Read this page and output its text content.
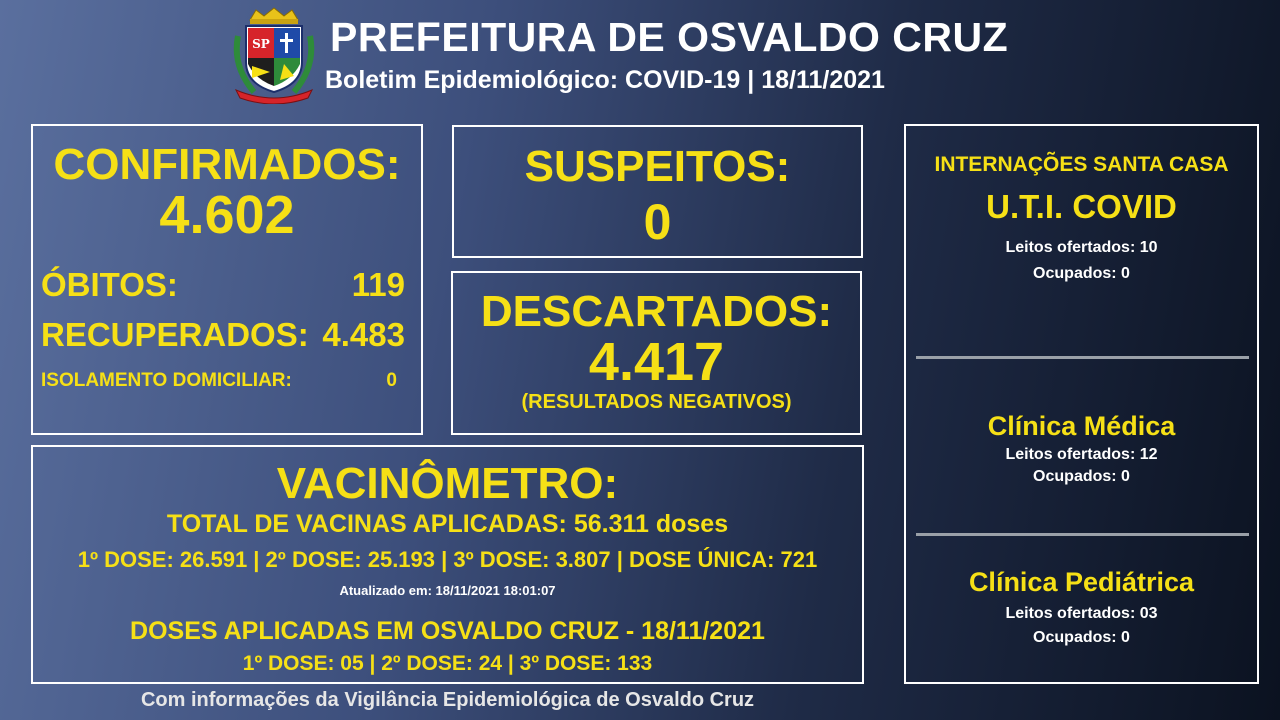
SP PREFEITURA DE OSVALDO CRUZ
Boletim Epidemiológico: COVID-19 | 18/11/2021
CONFIRMADOS:
4.602
ÓBITOS:	119
RECUPERADOS: 4.483
ISOLAMENTO DOMICILIAR:	0
SUSPEITOS:
0
DESCARTADOS:
4.417
(RESULTADOS NEGATIVOS)
VACINÔMETRO:
TOTAL DE VACINAS APLICADAS: 56.311 doses
1º DOSE: 26.591 | 2º DOSE: 25.193 | 3º DOSE: 3.807 | DOSE ÚNICA: 721
Atualizado em: 18/11/2021 18:01:07
DOSES APLICADAS EM OSVALDO CRUZ - 18/11/2021
1º DOSE: 05 | 2º DOSE: 24 | 3º DOSE: 133
INTERNAÇÕES SANTA CASA
U.T.I. COVID
Leitos ofertados: 10
Ocupados: 0
Clínica Médica
Leitos ofertados: 12
Ocupados: 0
Clínica Pediátrica
Leitos ofertados: 03
Ocupados: 0
Com informações da Vigilância Epidemiológica de Osvaldo Cruz
